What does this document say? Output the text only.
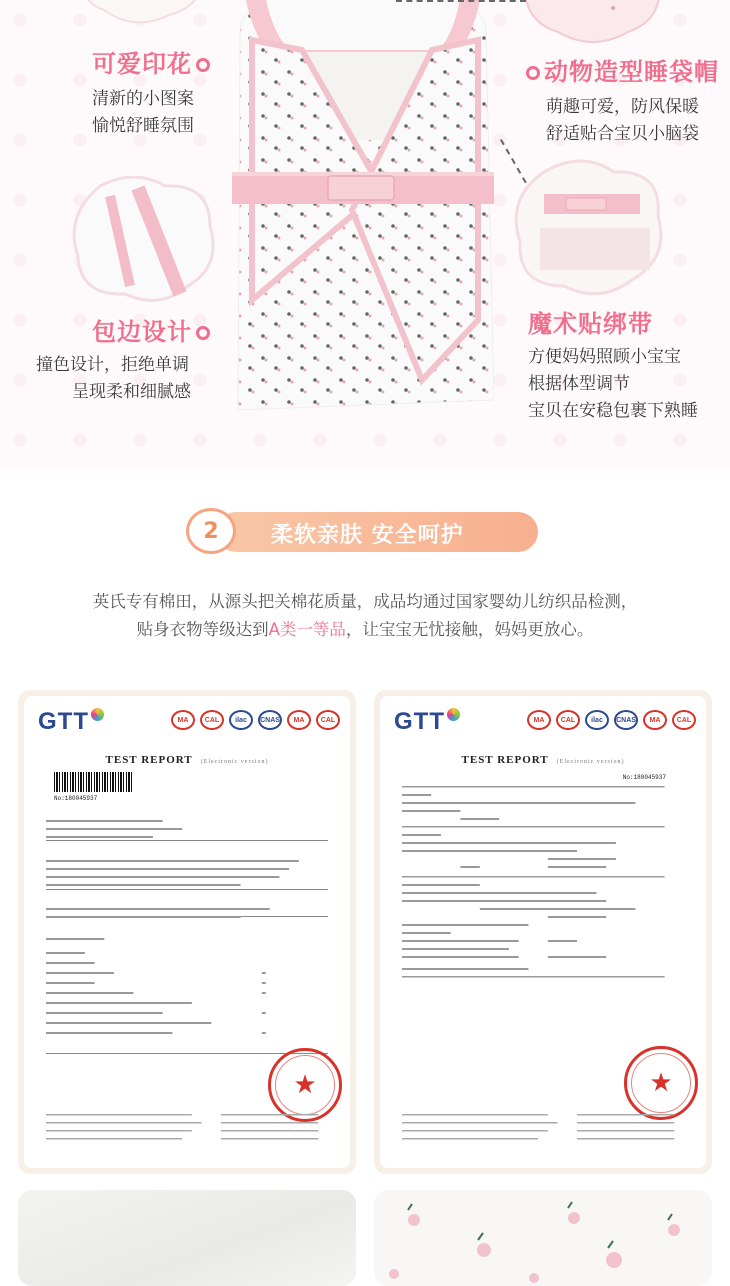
可爱印花
清新的小图案
愉悦舒睡氛围
动物造型睡袋帽
萌趣可爱，防风保暖
舒适贴合宝贝小脑袋
包边设计
撞色设计，拒绝单调
呈现柔和细腻感
魔术贴绑带
方便妈妈照顾小宝宝
根据体型调节
宝贝在安稳包裹下熟睡
2 柔软亲肤 安全呵护
英氏专有棉田，从源头把关棉花质量，成品均通过国家婴幼儿纺织品检测，
贴身衣物等级达到A类一等品，让宝宝无忧接触，妈妈更放心。
GTT	MA	CAL	ilac	CNAS	MA	CAL
TEST REPORT (Electronic version)
No:180045937
★
GTT	MA	CAL	ilac	CNAS	MA	CAL
TEST REPORT (Electronic version)
No:180045937
★
